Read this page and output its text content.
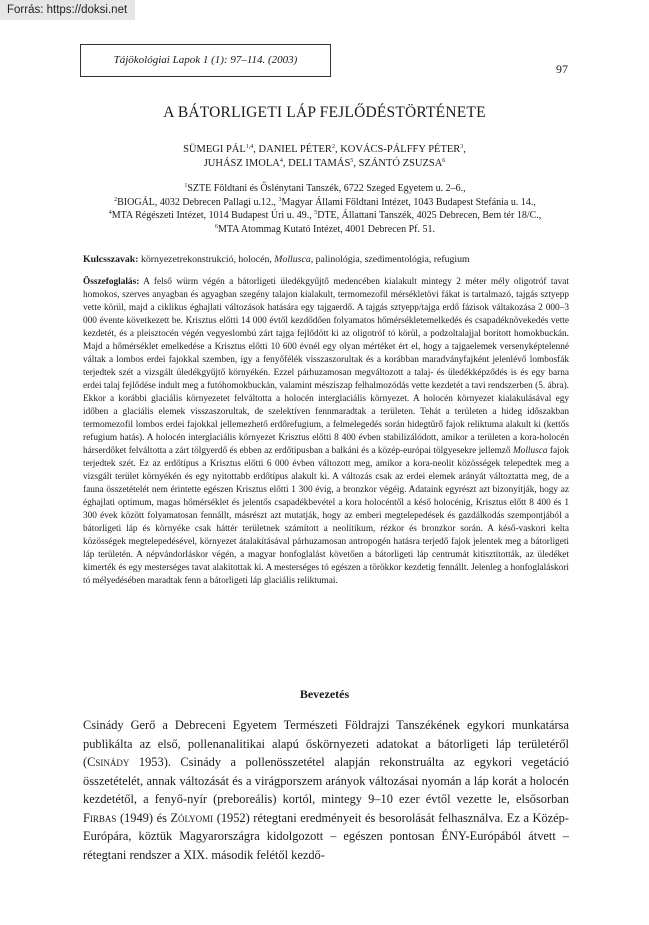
Forrás: https://doksi.net
Tájökológiai Lapok 1 (1): 97–114. (2003)
97
A BÁTORLIGETI LÁP FEJLŐDÉSTÖRTÉNETE
SÜMEGI PÁL$^{1,4}$, DANIEL PÉTER$^2$, KOVÁCS-PÁLFFY PÉTER$^3$,
JUHÁSZ IMOLA$^4$, DELI TAMÁS$^5$, SZÁNTÓ ZSUZSA$^6$
$^1$SZTE Földtani és Őslénytani Tanszék, 6722 Szeged Egyetem u. 2–6.,
$^2$BIOGÁL, 4032 Debrecen Pallagi u.12., $^3$Magyar Állami Földtani Intézet, 1043 Budapest Stefánia u. 14.,
$^4$MTA Régészeti Intézet, 1014 Budapest Úri u. 49., $^5$DTE, Állattani Tanszék, 4025 Debrecen, Bem tér 18/C.,
$^6$MTA Atommag Kutató Intézet, 4001 Debrecen Pf. 51.
Kulcsszavak: környezetrekonstrukció, holocén, Mollusca, palinológia, szedimentológia, refugium
Összefoglalás: A felső würm végén a bátorligeti üledékgyűjtő medencében kialakult mintegy 2 méter mély oligotróf tavat homokos, szerves anyagban és agyagban szegény talajon kialakult, termomezofil mérsékletövi fákat is tartalmazó, tajgás sztyepp vette körül, majd a ciklikus éghajlati változások hatására egy tajgaerdő. A tajgás sztyepp/tajga erdő fázisok váltakozása 2 000–3 000 évente következett be. Krisztus előtti 14 000 évtől kezdődően folyamatos hőmérsékletemelkedés és csapadéknövekedés vette kezdetét, és a pleisztocén végén vegyeslombú zárt tajga fejlődött ki az oligotróf tó körül, a podzoltalajjal borított homokbuckán. Majd a hőmérséklet emelkedése a Krisztus előtti 10 600 évnél egy olyan mértéket ért el, hogy a tajgaelemek versenyképtelenné váltak a lombos erdei fajokkal szemben, így a fenyőfélék visszaszorultak és a korábban maradványfajként jelenlévő lombosfák terjedtek szét a vizsgált üledékgyűjtő környékén. Ezzel párhuzamosan megváltozott a talaj- és üledékképződés is és egy barna erdei talaj fejlődése indult meg a futóhomokbuckán, valamint mésziszap felhalmozódás vette kezdetét a tavi rendszerben (5. ábra). Ekkor a korábbi glaciális környezetet felváltotta a holocén interglaciális környezet. A holocén környezet kialakulásával egy időben a glaciális elemek visszaszorultak, de szelektíven fennmaradtak a területen. Tehát a területen a hideg időszakban termomezofil lombos erdei fajokkal jellemezhető erdőrefugium, a felmelegedés során hidegtűrő fajok reliktuma alakult ki (kettős refugium hatás). A holocén interglaciális környezet Krisztus előtti 8 400 évben stabilizálódott, amikor a területen a kora-holocén hárserdőket felváltotta a zárt tölgyerdő és ebben az erdőtípusban a balkáni és a közép-európai tölgyesekre jellemző Mollusca fajok terjedtek szét. Ez az erdőtípus a Krisztus előtti 6 000 évben változott meg, amikor a kora-neolit közösségek telepedtek meg a vizsgált terület környékén és egy nyitottabb erdőtípus alakult ki. A változás csak az erdei elemek arányát változtatta meg, de a fauna összetételét nem érintette egészen Krisztus előtti 1 300 évig, a bronzkor végéig. Adataink egyrészt azt bizonyítják, hogy az éghajlati optimum, magas hőmérséklet és jelentős csapadékbevétel a kora holocéntől a késő holocénig, Krisztus előtt 8 400 és 1 300 évek között folyamatosan fennállt, másrészt azt mutatják, hogy az emberi megtelepedések és gazdálkodás szempontjából a bátorligeti láp és környéke csak háttér területnek számított a neolitikum, rézkor és bronzkor során. A késő-vaskori kelta közösségek megtelepedésével, környezet átalakításával párhuzamosan antropogén hatásra terjedő fajok jelentek meg a bátorligeti láp területén. A népvándorláskor végén, a magyar honfoglalást követően a bátorligeti láp centrumát kitisztították, az üledéket kimerték és egy mesterséges tavat alakítottak ki. A mesterséges tó egészen a törökkor kezdetig fennállt. Jelenleg a honfoglaláskori tó mélyedésében maradtak fenn a bátorligeti láp glaciális reliktumai.
Bevezetés
Csinády Gerő a Debreceni Egyetem Természeti Földrajzi Tanszékének egykori munkatársa publikálta az első, pollenanalitikai alapú őskörnyezeti adatokat a bátorligeti láp területéről (Csinády 1953). Csinády a pollenösszetétel alapján rekonstruálta az egykori vegetáció összetételét, annak változását és a virágporszem arányok változásai nyomán a láp korát a holocén kezdetétől, a fenyő-nyír (preboreális) kortól, mintegy 9–10 ezer évtől vezette le, elsősorban Firbas (1949) és Zólyomi (1952) rétegtani eredményeit és besorolását felhasználva. Ez a Közép-Európára, köztük Magyarországra kidolgozott – egészen pontosan ÉNY-Európából átvett – rétegtani rendszer a XIX. második felétől kezdő-
